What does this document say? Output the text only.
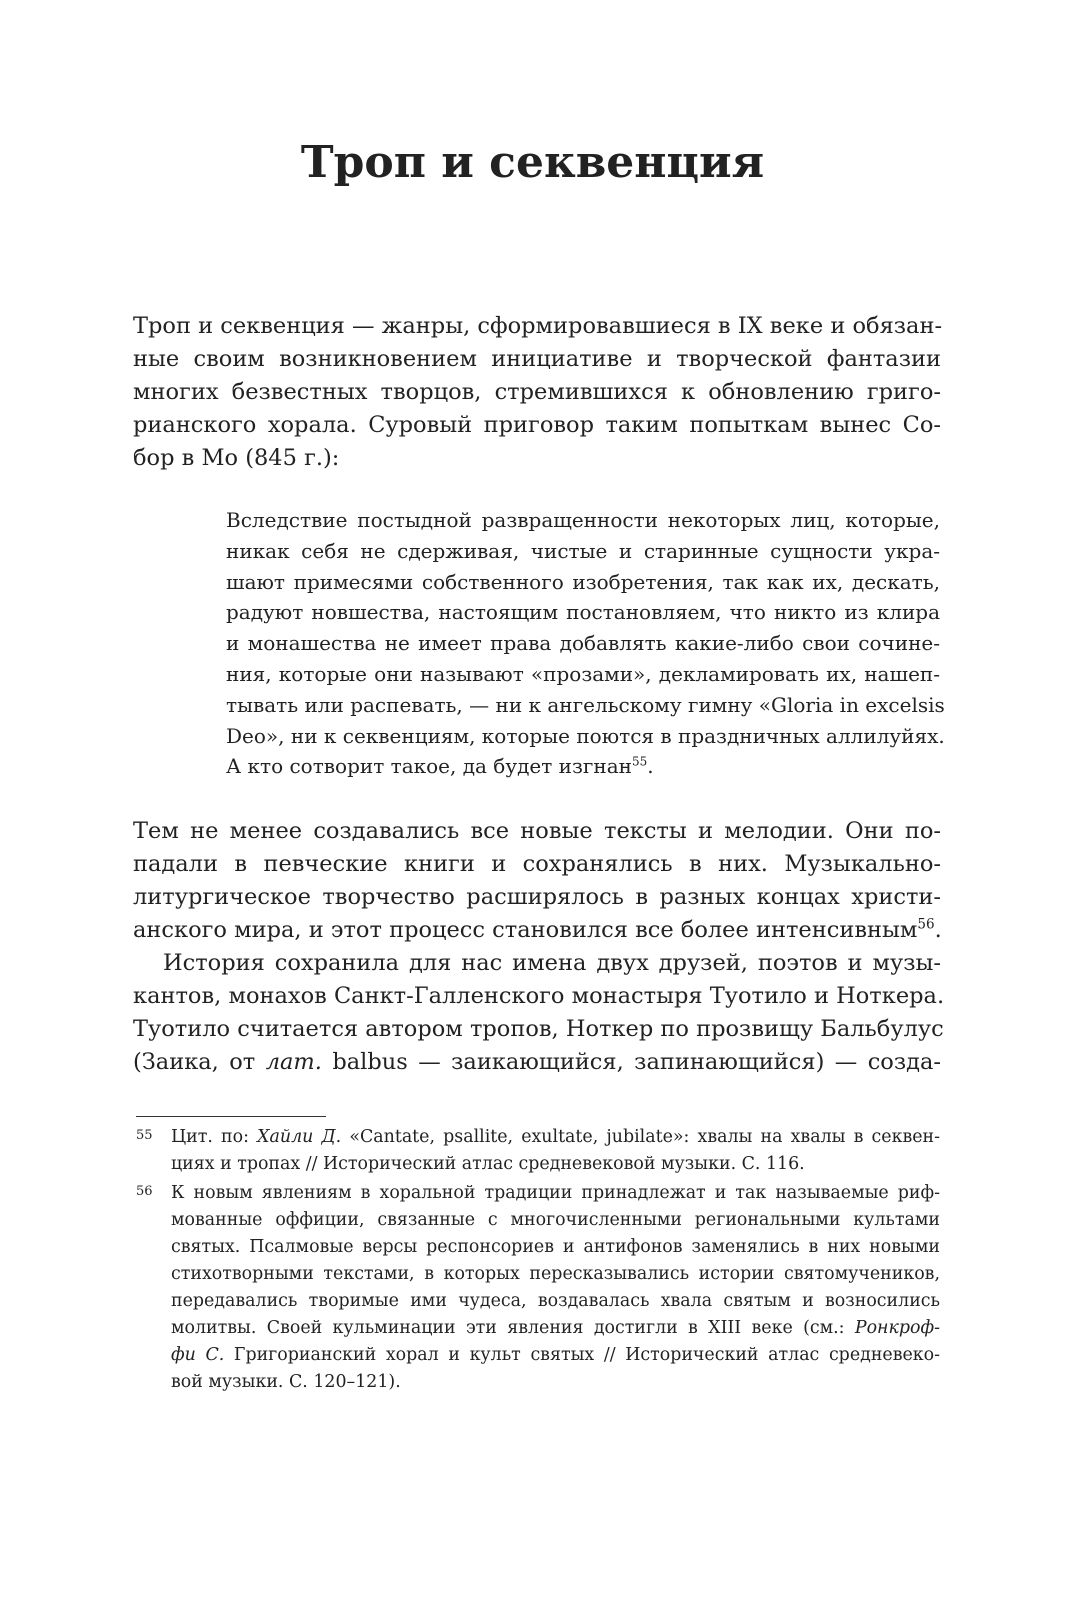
Троп и секвенция
Троп и секвенция — жанры, сформировавшиеся в IX веке и обязан-
ные своим возникновением инициативе и творческой фантазии
многих безвестных творцов, стремившихся к обновлению григо-
рианского хорала. Суровый приговор таким попыткам вынес Со-
бор в Мо (845 г.):
Вследствие постыдной развращенности некоторых лиц, которые,
никак себя не сдерживая, чистые и старинные сущности укра-
шают примесями собственного изобретения, так как их, дескать,
радуют новшества, настоящим постановляем, что никто из клира
и монашества не имеет права добавлять какие-либо свои сочине-
ния, которые они называют «прозами», декламировать их, нашеп-
тывать или распевать, — ни к ангельскому гимну «Gloria in excelsis
Deo», ни к секвенциям, которые поются в праздничных аллилуйях.
А кто сотворит такое, да будет изгнан$^{55}$.
Тем не менее создавались все новые тексты и мелодии. Они по-
падали в певческие книги и сохранялись в них. Музыкально-
литургическое творчество расширялось в разных концах христи-
анского мира, и этот процесс становился все более интенсивным$^{56}$.
История сохранила для нас имена двух друзей, поэтов и музы-
кантов, монахов Санкт-Галленского монастыря Туотило и Ноткера.
Туотило считается автором тропов, Ноткер по прозвищу Бальбулус
(Заика, от лат. balbus — заикающийся, запинающийся) — созда-
55 Цит. по: Хайли Д. «Cantate, psallite, exultate, jubilate»: хвалы на хвалы в секвен-
циях и тропах // Исторический атлас средневековой музыки. С. 116.
56 К новым явлениям в хоральной традиции принадлежат и так называемые риф-
мованные оффиции, связанные с многочисленными региональными культами
святых. Псалмовые версы респонсориев и антифонов заменялись в них новыми
стихотворными текстами, в которых пересказывались истории святомучеников,
передавались творимые ими чудеса, воздавалась хвала святым и возносились
молитвы. Своей кульминации эти явления достигли в XIII веке (см.: Ронкроф-
фи С. Григорианский хорал и культ святых // Исторический атлас средневеко-
вой музыки. С. 120–121).
